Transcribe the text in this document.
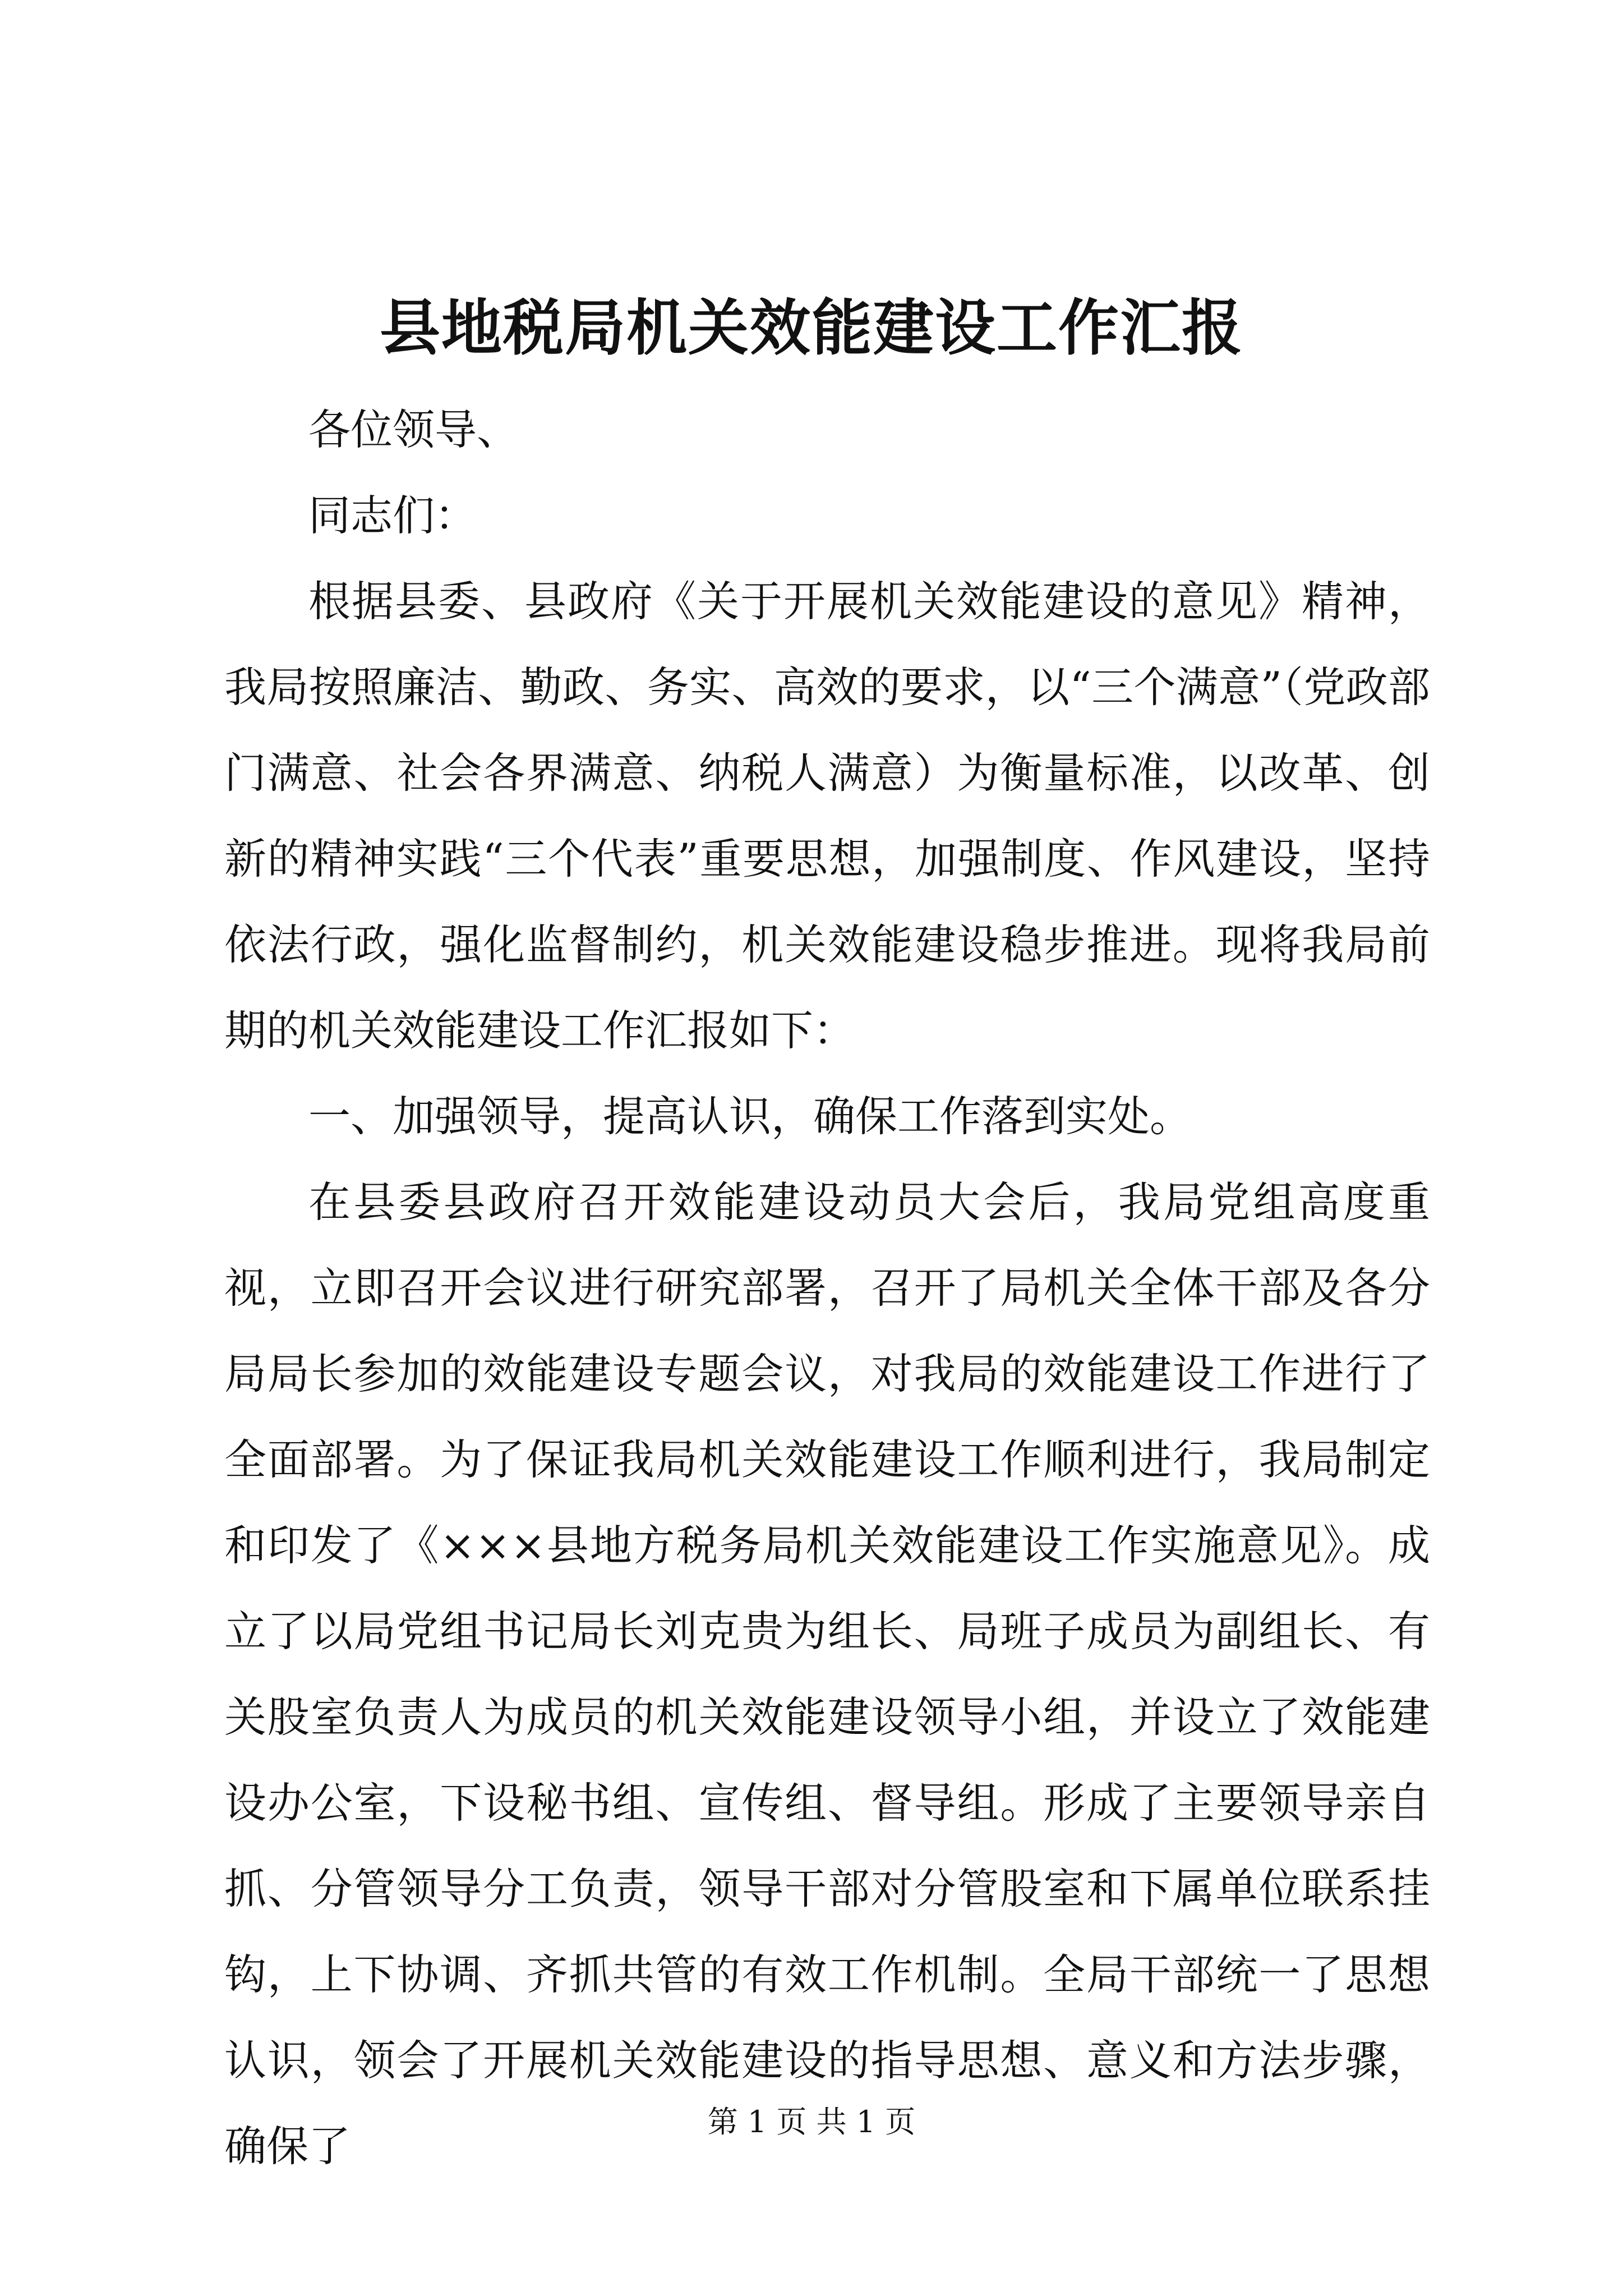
县地税局机关效能建设工作汇报

各位领导、

同志们：

根据县委、县政府《关于开展机关效能建设的意见》精神，我局按照廉洁、勤政、务实、高效的要求，以“三个满意”（党政部门满意、社会各界满意、纳税人满意）为衡量标准，以改革、创新的精神实践“三个代表”重要思想，加强制度、作风建设，坚持依法行政，强化监督制约，机关效能建设稳步推进。现将我局前期的机关效能建设工作汇报如下：

一、加强领导，提高认识，确保工作落到实处。

在县委县政府召开效能建设动员大会后，我局党组高度重视，立即召开会议进行研究部署，召开了局机关全体干部及各分局局长参加的效能建设专题会议，对我局的效能建设工作进行了全面部署。为了保证我局机关效能建设工作顺利进行，我局制定和印发了《×××县地方税务局机关效能建设工作实施意见》。成立了以局党组书记局长刘克贵为组长、局班子成员为副组长、有关股室负责人为成员的机关效能建设领导小组，并设立了效能建设办公室，下设秘书组、宣传组、督导组。形成了主要领导亲自抓、分管领导分工负责，领导干部对分管股室和下属单位联系挂钩，上下协调、齐抓共管的有效工作机制。全局干部统一了思想认识，领会了开展机关效能建设的指导思想、意义和方法步骤，确保了	第 1 页 共 1 页
